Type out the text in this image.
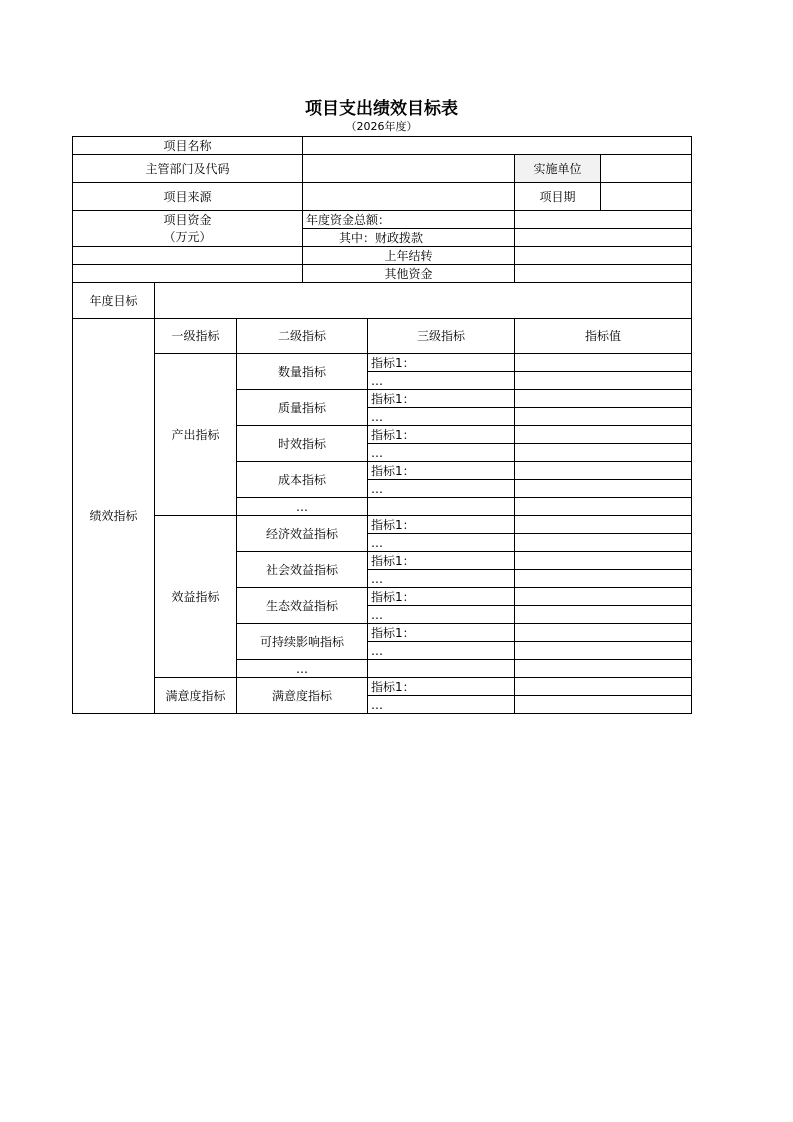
项目支出绩效目标表
（2026年度）
项目名称						
主管部门及代码					实施单位	
项目来源					项目期	
项目资金			年度资金总额：			
（万元）			其中：财政拨款			
			上年结转			
			其他资金			
年度目标						
绩效指标	一级指标	二级指标		三级指标	指标值	
	产出指标	数量指标		指标1：		
				…		
		质量指标		指标1：		
				…		
		时效指标		指标1：		
				…		
		成本指标		指标1：		
				…		
		…				
	效益指标	经济效益指标		指标1：		
				…		
		社会效益指标		指标1：		
				…		
		生态效益指标		指标1：		
				…		
		可持续影响指标		指标1：		
				…		
		…				
	满意度指标	满意度指标		指标1：		
				…		
